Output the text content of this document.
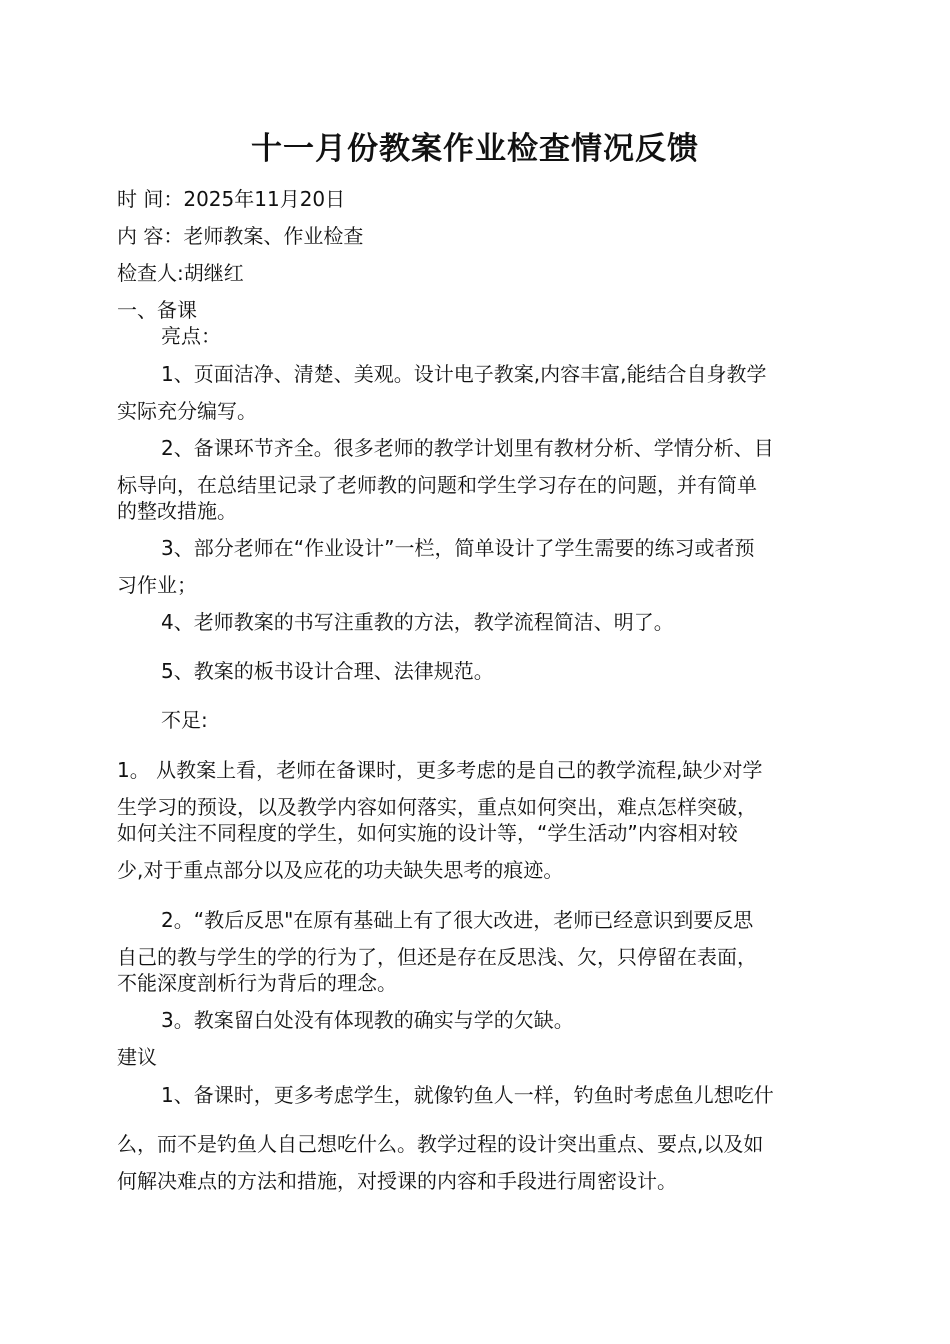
十一月份教案作业检查情况反馈

时 间：2025年11月20日

内 容：老师教案、作业检查

检查人:胡继红

一、备课

亮点：

1、页面洁净、清楚、美观。设计电子教案,内容丰富,能结合自身教学

实际充分编写。

2、备课环节齐全。很多老师的教学计划里有教材分析、学情分析、目

标导向，在总结里记录了老师教的问题和学生学习存在的问题，并有简单

的整改措施。

3、部分老师在“作业设计”一栏，简单设计了学生需要的练习或者预

习作业；

4、老师教案的书写注重教的方法，教学流程简洁、明了。

5、教案的板书设计合理、法律规范。

不足:

1。 从教案上看，老师在备课时，更多考虑的是自己的教学流程,缺少对学

生学习的预设，以及教学内容如何落实，重点如何突出，难点怎样突破，

如何关注不同程度的学生，如何实施的设计等，“学生活动”内容相对较

少,对于重点部分以及应花的功夫缺失思考的痕迹。

2。“教后反思"在原有基础上有了很大改进，老师已经意识到要反思

自己的教与学生的学的行为了，但还是存在反思浅、欠，只停留在表面，

不能深度剖析行为背后的理念。

3。教案留白处没有体现教的确实与学的欠缺。

建议

1、备课时，更多考虑学生，就像钓鱼人一样，钓鱼时考虑鱼儿想吃什

么，而不是钓鱼人自己想吃什么。教学过程的设计突出重点、要点,以及如

何解决难点的方法和措施，对授课的内容和手段进行周密设计。
